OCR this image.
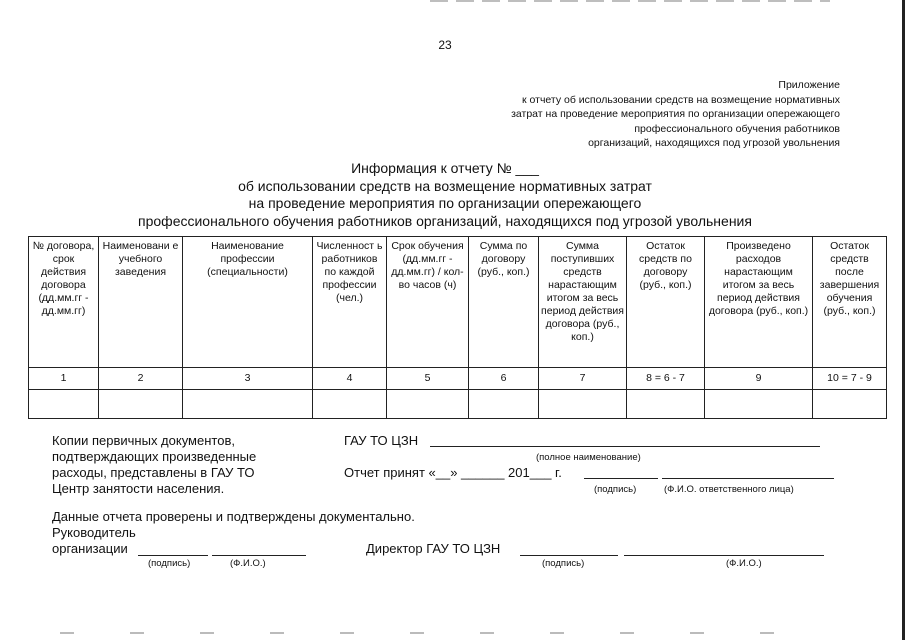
23
Приложение
к отчету об использовании средств на возмещение нормативных
затрат на проведение мероприятия по организации опережающего
профессионального обучения работников
организаций, находящихся под угрозой увольнения
Информация к отчету № ___
об использовании средств на возмещение нормативных затрат
на проведение мероприятия по организации опережающего
профессионального обучения работников организаций, находящихся под угрозой увольнения
№ договора, срок действия договора (дд.мм.гг - дд.мм.гг)	Наименовани е учебного заведения	Наименование профессии (специальности)	Численност ь работников по каждой профессии (чел.)	Срок обучения (дд.мм.гг - дд.мм.гг) / кол-во часов (ч)	Сумма по договору (руб., коп.)	Сумма поступивших средств нарастающим итогом за весь период действия договора (руб., коп.)	Остаток средств по договору (руб., коп.)	Произведено расходов нарастающим итогом за весь период действия договора (руб., коп.)	Остаток средств после завершения обучения (руб., коп.)
1	2	3	4	5	6	7	8 = 6 - 7	9	10 = 7 - 9

Копии первичных документов,
подтверждающих произведенные
расходы, представлены в ГАУ ТО
Центр занятости населения.
ГАУ ТО ЦЗН
(полное наименование)
Отчет принят «__» ______ 201___ г.
(подпись)	(Ф.И.О. ответственного лица)
Данные отчета проверены и подтверждены документально.
Руководитель
организации
(подпись)	(Ф.И.О.)
Директор ГАУ ТО ЦЗН
(подпись)	(Ф.И.О.)
